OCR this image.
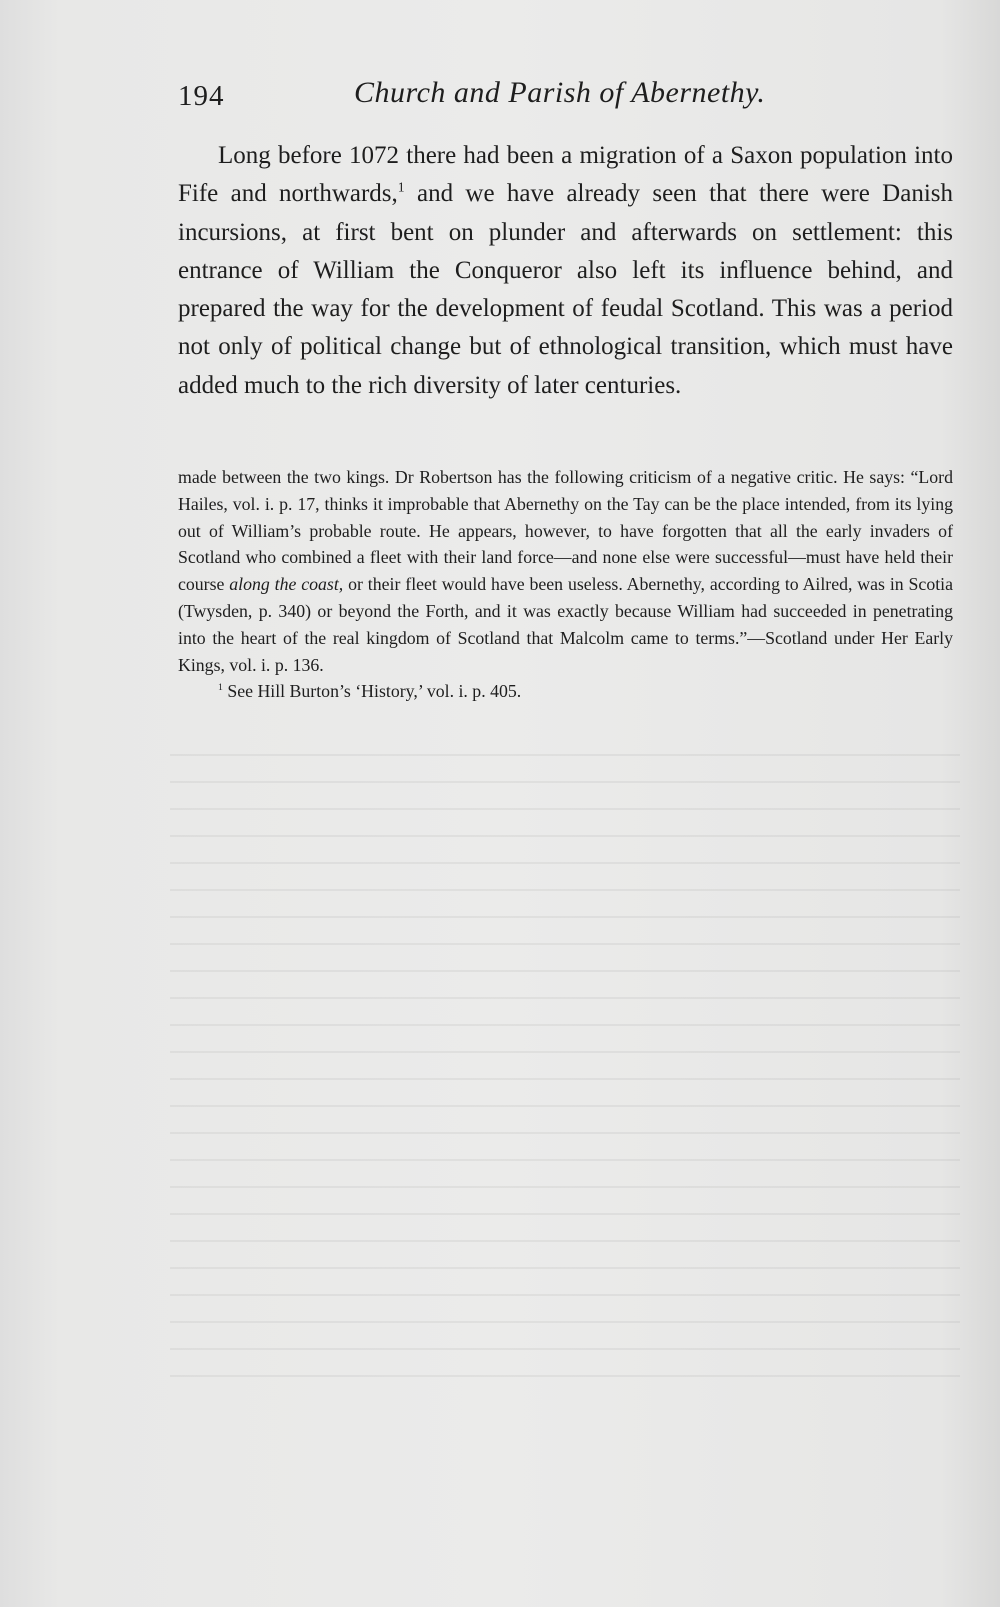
194	Church and Parish of Abernethy.

Long before 1072 there had been a migration of a Saxon population into Fife and northwards,$^1$ and we have already seen that there were Danish incursions, at first bent on plunder and afterwards on settlement: this entrance of William the Conqueror also left its influence behind, and prepared the way for the development of feudal Scotland. This was a period not only of political change but of ethnological transition, which must have added much to the rich diversity of later centuries.

made between the two kings. Dr Robertson has the following criticism of a negative critic. He says: “Lord Hailes, vol. i. p. 17, thinks it improbable that Abernethy on the Tay can be the place intended, from its lying out of William’s probable route. He appears, however, to have forgotten that all the early invaders of Scotland who combined a fleet with their land force—and none else were successful—must have held their course along the coast, or their fleet would have been useless. Abernethy, according to Ailred, was in Scotia (Twysden, p. 340) or beyond the Forth, and it was exactly because William had succeeded in penetrating into the heart of the real kingdom of Scotland that Malcolm came to terms.”—Scotland under Her Early Kings, vol. i. p. 136.

$^1$ See Hill Burton’s ‘History,’ vol. i. p. 405.
